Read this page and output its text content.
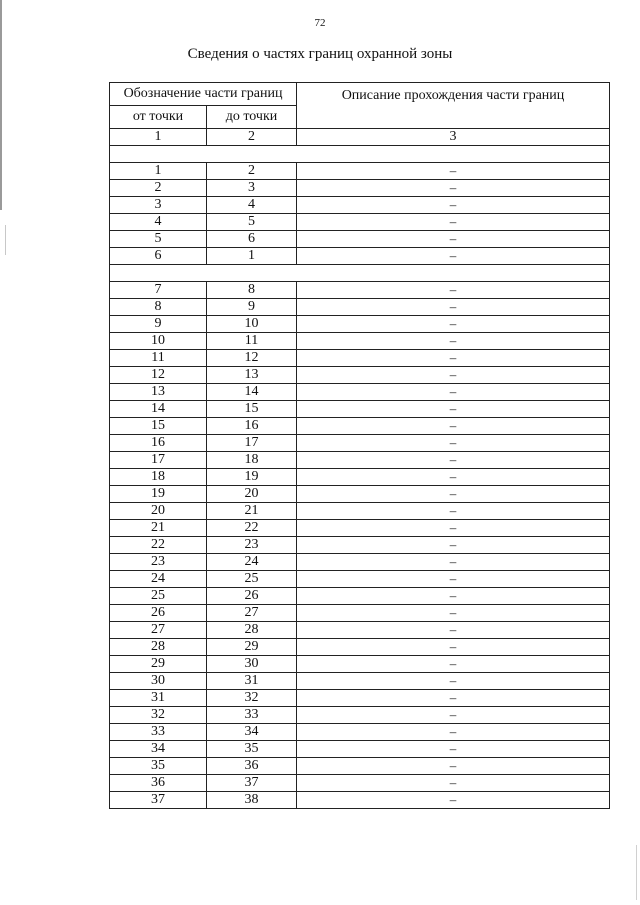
72
Сведения о частях границ охранной зоны
Обозначение части границ		Описание прохождения части границ
от точки	до точки	
1	2	3

1	2	–
2	3	–
3	4	–
4	5	–
5	6	–
6	1	–

7	8	–
8	9	–
9	10	–
10	11	–
11	12	–
12	13	–
13	14	–
14	15	–
15	16	–
16	17	–
17	18	–
18	19	–
19	20	–
20	21	–
21	22	–
22	23	–
23	24	–
24	25	–
25	26	–
26	27	–
27	28	–
28	29	–
29	30	–
30	31	–
31	32	–
32	33	–
33	34	–
34	35	–
35	36	–
36	37	–
37	38	–
